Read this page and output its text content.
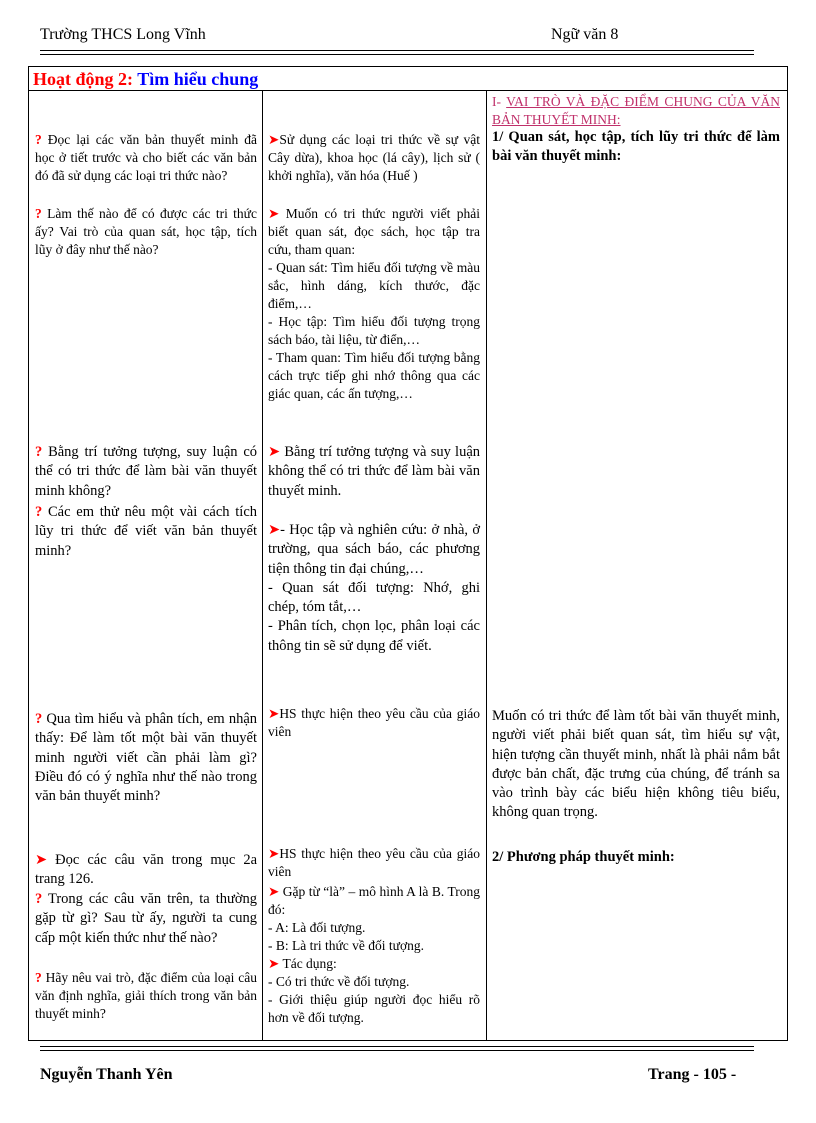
Trường THCS Long Vĩnh	Ngữ văn 8
Hoạt động 2: Tìm hiểu chung
? Đọc lại các văn bản thuyết minh đã học ở tiết trước và cho biết các văn bản đó đã sử dụng các loại tri thức nào?
? Làm thế nào để có được các tri thức ấy? Vai trò của quan sát, học tập, tích lũy ở đây như thế nào?
? Bằng trí tưởng tượng, suy luận có thể có tri thức để làm bài văn thuyết minh không?
? Các em thử nêu một vài cách tích lũy tri thức để viết văn bản thuyết minh?
? Qua tìm hiểu và phân tích, em nhận thấy: Để làm tốt một bài văn thuyết minh người viết cần phải làm gì? Điều đó có ý nghĩa như thế nào trong văn bản thuyết minh?
➤ Đọc các câu văn trong mục 2a trang 126.
? Trong các câu văn trên, ta thường gặp từ gì? Sau từ ấy, người ta cung cấp một kiến thức như thế nào?
? Hãy nêu vai trò, đặc điểm của loại câu văn định nghĩa, giải thích trong văn bản thuyết minh?
➤Sử dụng các loại tri thức về sự vật Cây dừa), khoa học (lá cây), lịch sử ( khởi nghĩa), văn hóa (Huế )
➤ Muốn có tri thức người viết phải biết quan sát, đọc sách, học tập tra cứu, tham quan:
- Quan sát: Tìm hiểu đối tượng về màu sắc, hình dáng, kích thước, đặc điểm,…
- Học tập: Tìm hiểu đối tượng trọng sách báo, tài liệu, từ điển,…
- Tham quan: Tìm hiểu đối tượng bằng cách trực tiếp ghi nhớ thông qua các giác quan, các ấn tượng,…
➤ Bằng trí tưởng tượng và suy luận không thể có tri thức để làm bài văn thuyết minh.
➤- Học tập và nghiên cứu: ở nhà, ở trường, qua sách báo, các phương tiện thông tin đại chúng,…
- Quan sát đối tượng: Nhớ, ghi chép, tóm tắt,…
- Phân tích, chọn lọc, phân loại các thông tin sẽ sử dụng để viết.
➤HS thực hiện theo yêu cầu của giáo viên
➤HS thực hiện theo yêu cầu của giáo viên
➤ Gặp từ “là” – mô hình A là B. Trong đó:
- A: Là đối tượng.
- B: Là tri thức về đối tượng.
➤ Tác dụng:
- Có tri thức về đối tượng.
- Giới thiệu giúp người đọc hiểu rõ hơn về đối tượng.
I- VAI TRÒ VÀ ĐẶC ĐIỂM CHUNG CỦA VĂN BẢN THUYẾT MINH:
1/ Quan sát, học tập, tích lũy tri thức để làm bài văn thuyết minh:
Muốn có tri thức để làm tốt bài văn thuyết minh, người viết phải biết quan sát, tìm hiểu sự vật, hiện tượng cần thuyết minh, nhất là phải nắm bắt được bản chất, đặc trưng của chúng, để tránh sa vào trình bày các biểu hiện không tiêu biểu, không quan trọng.
2/ Phương pháp thuyết minh:
Nguyễn Thanh Yên	Trang - 105 -
